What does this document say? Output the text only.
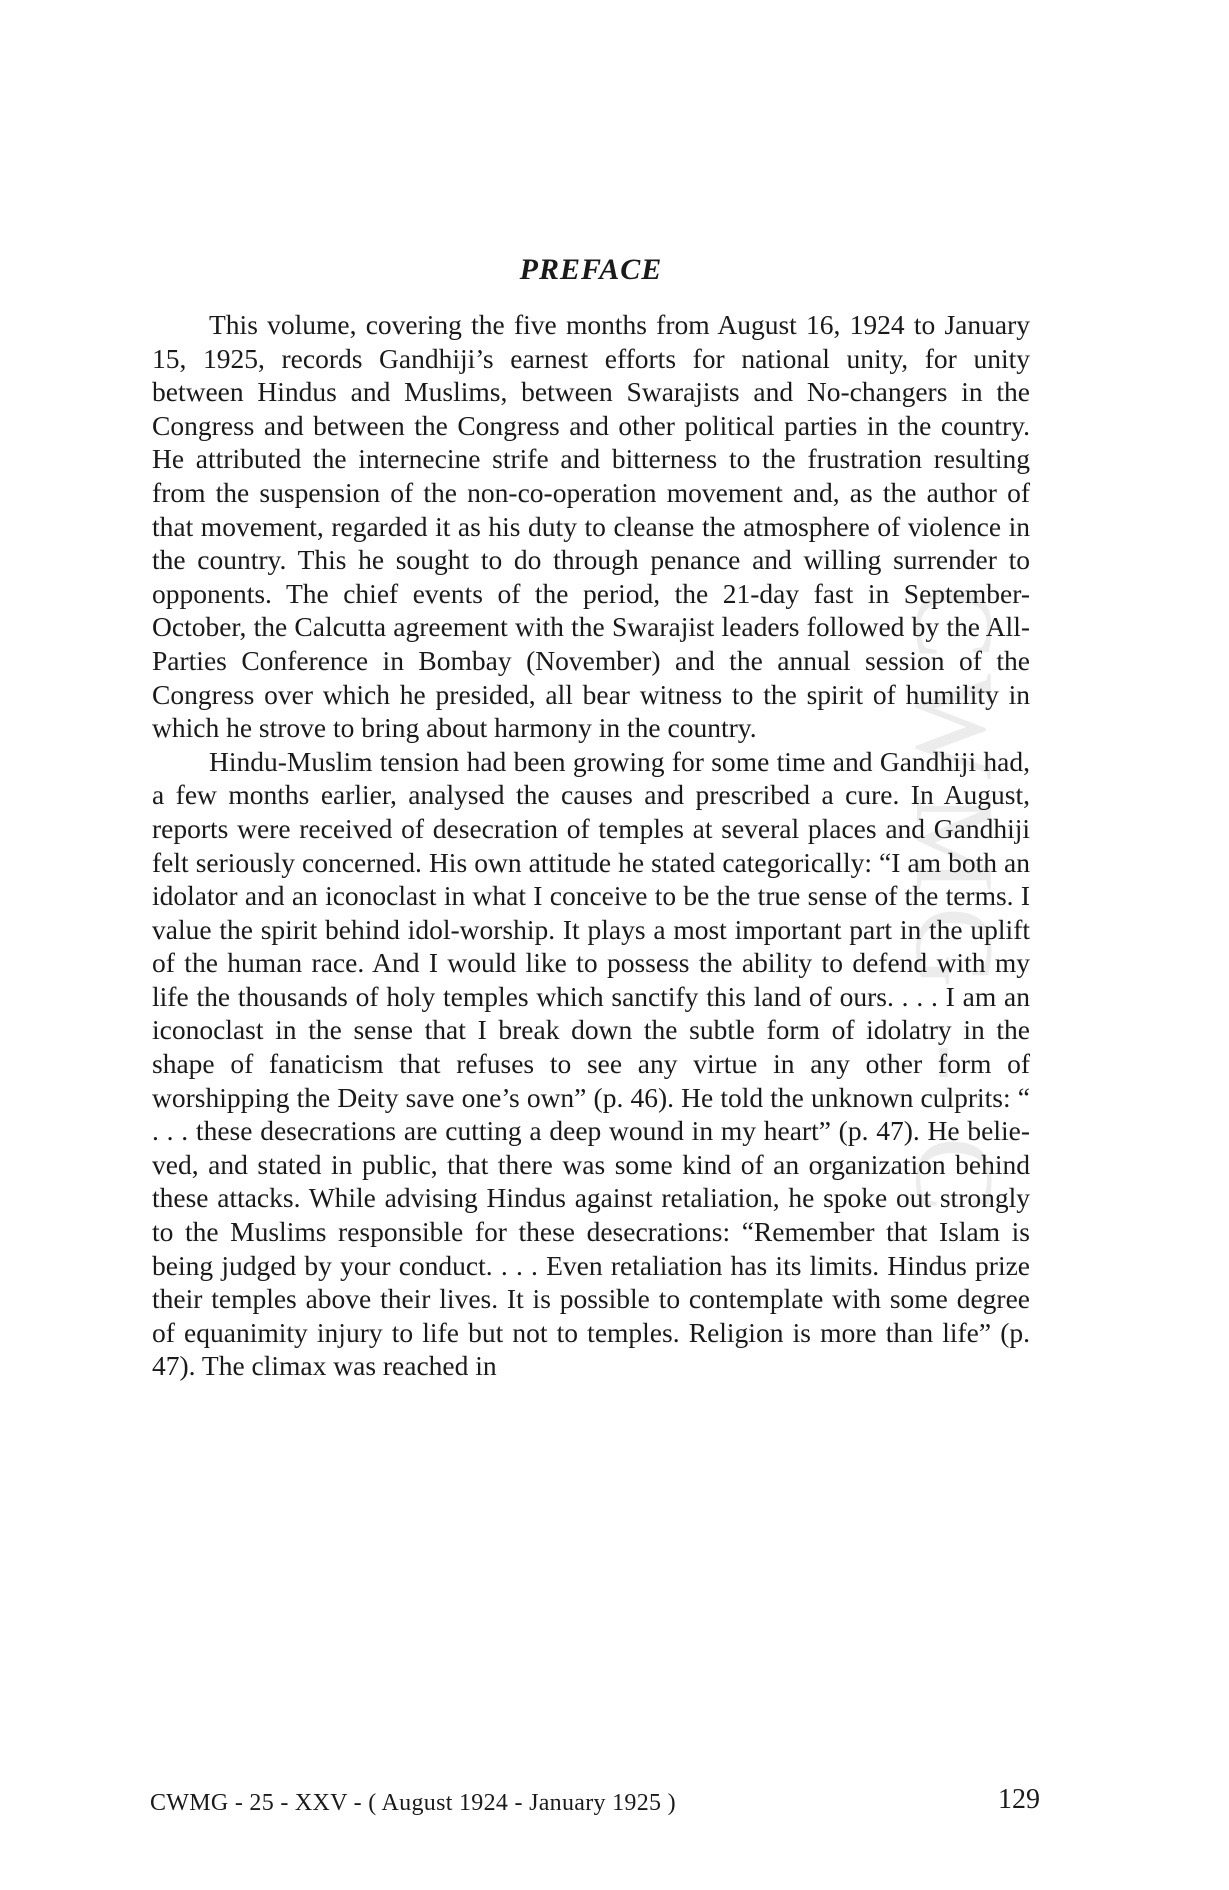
CWMG - C
PREFACE

This volume, covering the five months from August 16, 1924 to January 15, 1925, records Gandhiji’s earnest efforts for national unity, for unity between Hindus and Muslims, between Swarajists and No-changers in the Congress and between the Congress and other political parties in the country. He attributed the internecine strife and bitterness to the frustration resulting from the suspension of the non-co-operation movement and, as the author of that movement, regarded it as his duty to cleanse the atmosphere of violence in the country. This he sought to do through penance and willing surrender to opponents. The chief events of the period, the 21-day fast in September-October, the Calcutta agreement with the Swarajist leaders followed by the All-Parties Conference in Bombay (November) and the annual session of the Congress over which he presided, all bear witness to the spirit of humility in which he strove to bring about harmony in the country.

Hindu-Muslim tension had been growing for some time and Gandhiji had, a few months earlier, analysed the causes and prescribed a cure. In August, reports were received of desecration of temples at several places and Gandhiji felt seriously concerned. His own attitude he stated categorically: “I am both an idolator and an iconoclast in what I conceive to be the true sense of the terms. I value the spirit behind idol-worship. It plays a most important part in the uplift of the human race. And I would like to possess the ability to defend with my life the thousands of holy temples which sanctify this land of ours. . . . I am an iconoclast in the sense that I break down the subtle form of idolatry in the shape of fanaticism that refuses to see any virtue in any other form of worshipping the Deity save one’s own” (p. 46). He told the unknown culprits: “ . . . these desecrations are cutting a deep wound in my heart” (p. 47). He believed, and stated in public, that there was some kind of an organization behind these attacks. While advising Hindus against retaliation, he spoke out strongly to the Muslims responsible for these desecrations: “Remember that Islam is being judged by your conduct. . . . Even retaliation has its limits. Hindus prize their temples above their lives. It is possible to contemplate with some degree of equanimity injury to life but not to temples. Religion is more than life” (p. 47). The climax was reached in

CWMG - 25 - XXV - ( August 1924 - January 1925 )	129
